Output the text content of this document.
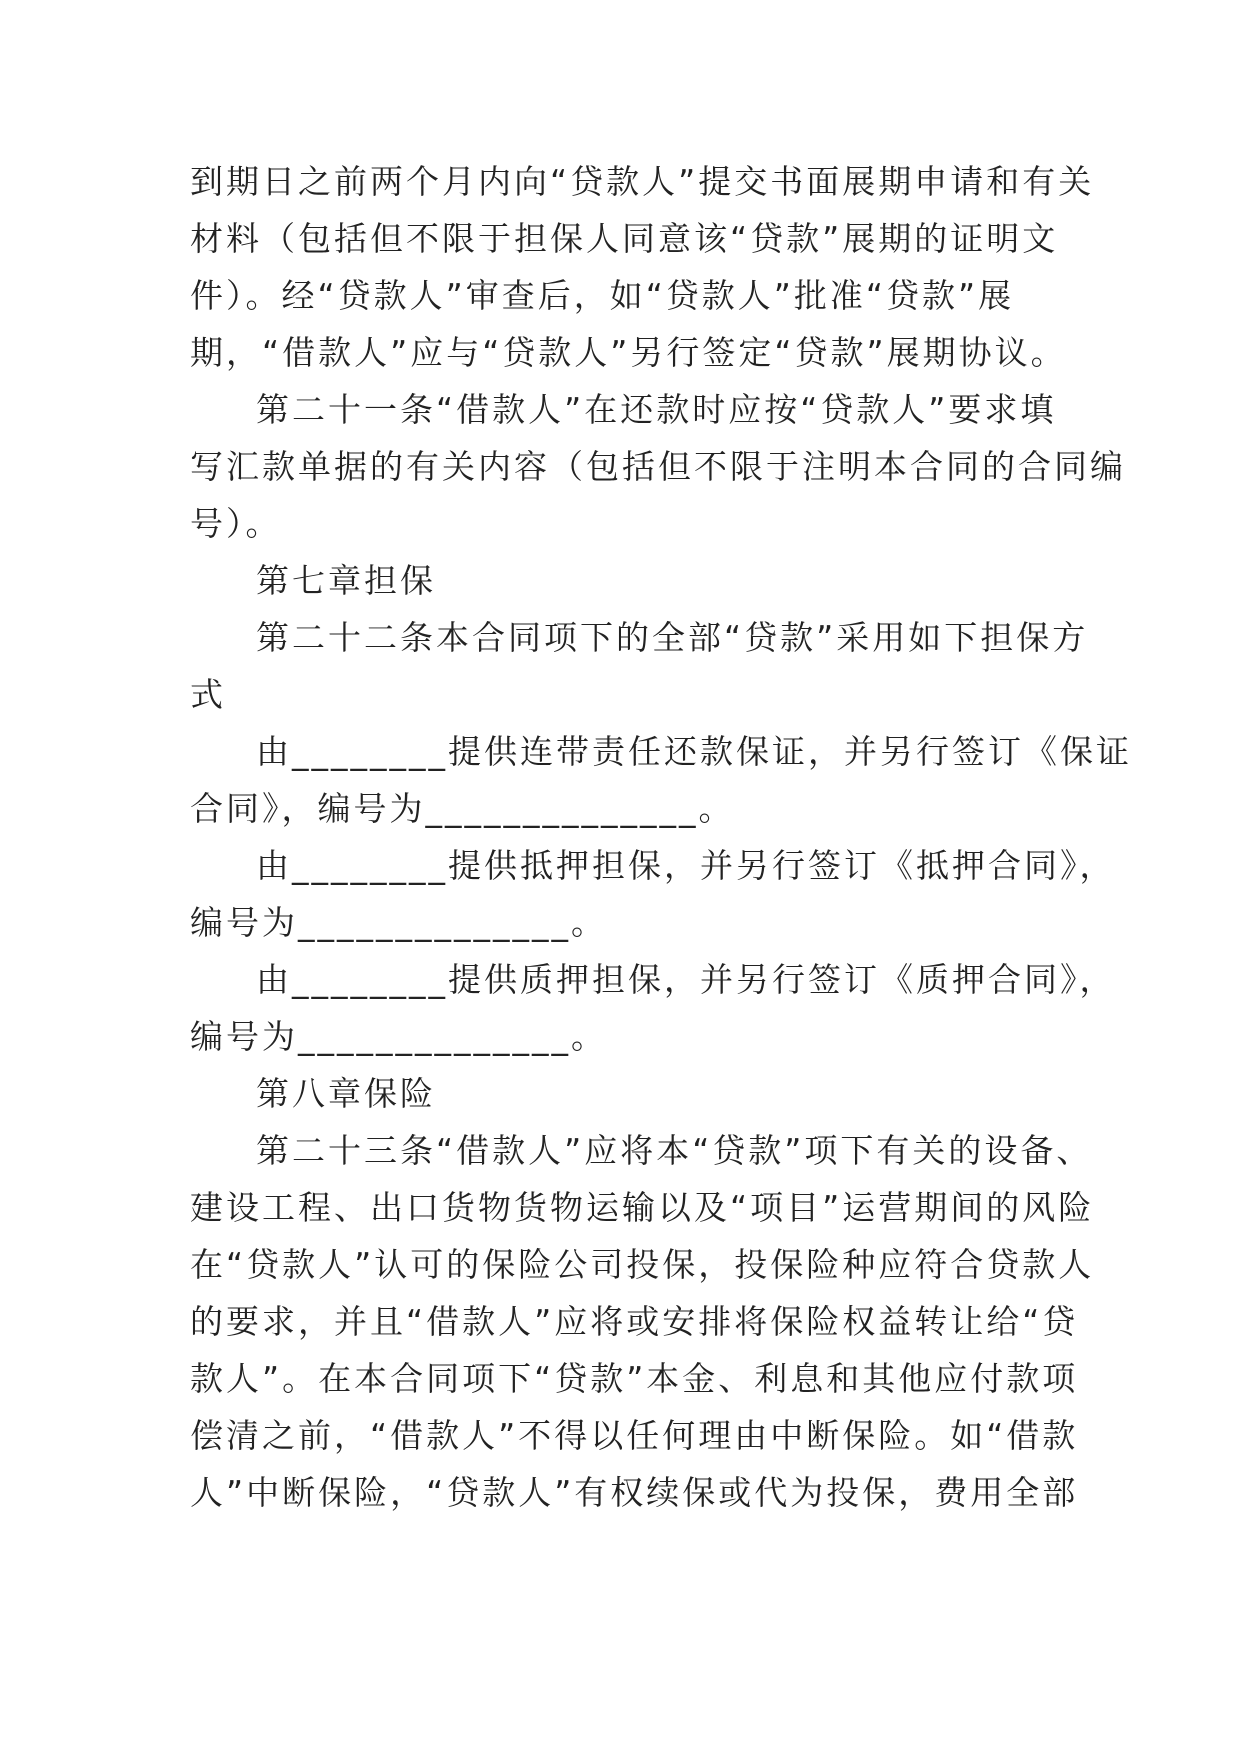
到期日之前两个月内向“贷款人”提交书面展期申请和有关
材料（包括但不限于担保人同意该“贷款”展期的证明文
件）。经“贷款人”审查后，如“贷款人”批准“贷款”展
期，“借款人”应与“贷款人”另行签定“贷款”展期协议。
第二十一条“借款人”在还款时应按“贷款人”要求填
写汇款单据的有关内容（包括但不限于注明本合同的合同编
号）。
第七章担保
第二十二条本合同项下的全部“贷款”采用如下担保方
式
由________提供连带责任还款保证，并另行签订《保证
合同》，编号为______________。
由________提供抵押担保，并另行签订《抵押合同》，
编号为______________。
由________提供质押担保，并另行签订《质押合同》，
编号为______________。
第八章保险
第二十三条“借款人”应将本“贷款”项下有关的设备、
建设工程、出口货物货物运输以及“项目”运营期间的风险
在“贷款人”认可的保险公司投保，投保险种应符合贷款人
的要求，并且“借款人”应将或安排将保险权益转让给“贷
款人”。在本合同项下“贷款”本金、利息和其他应付款项
偿清之前，“借款人”不得以任何理由中断保险。如“借款
人”中断保险，“贷款人”有权续保或代为投保，费用全部
